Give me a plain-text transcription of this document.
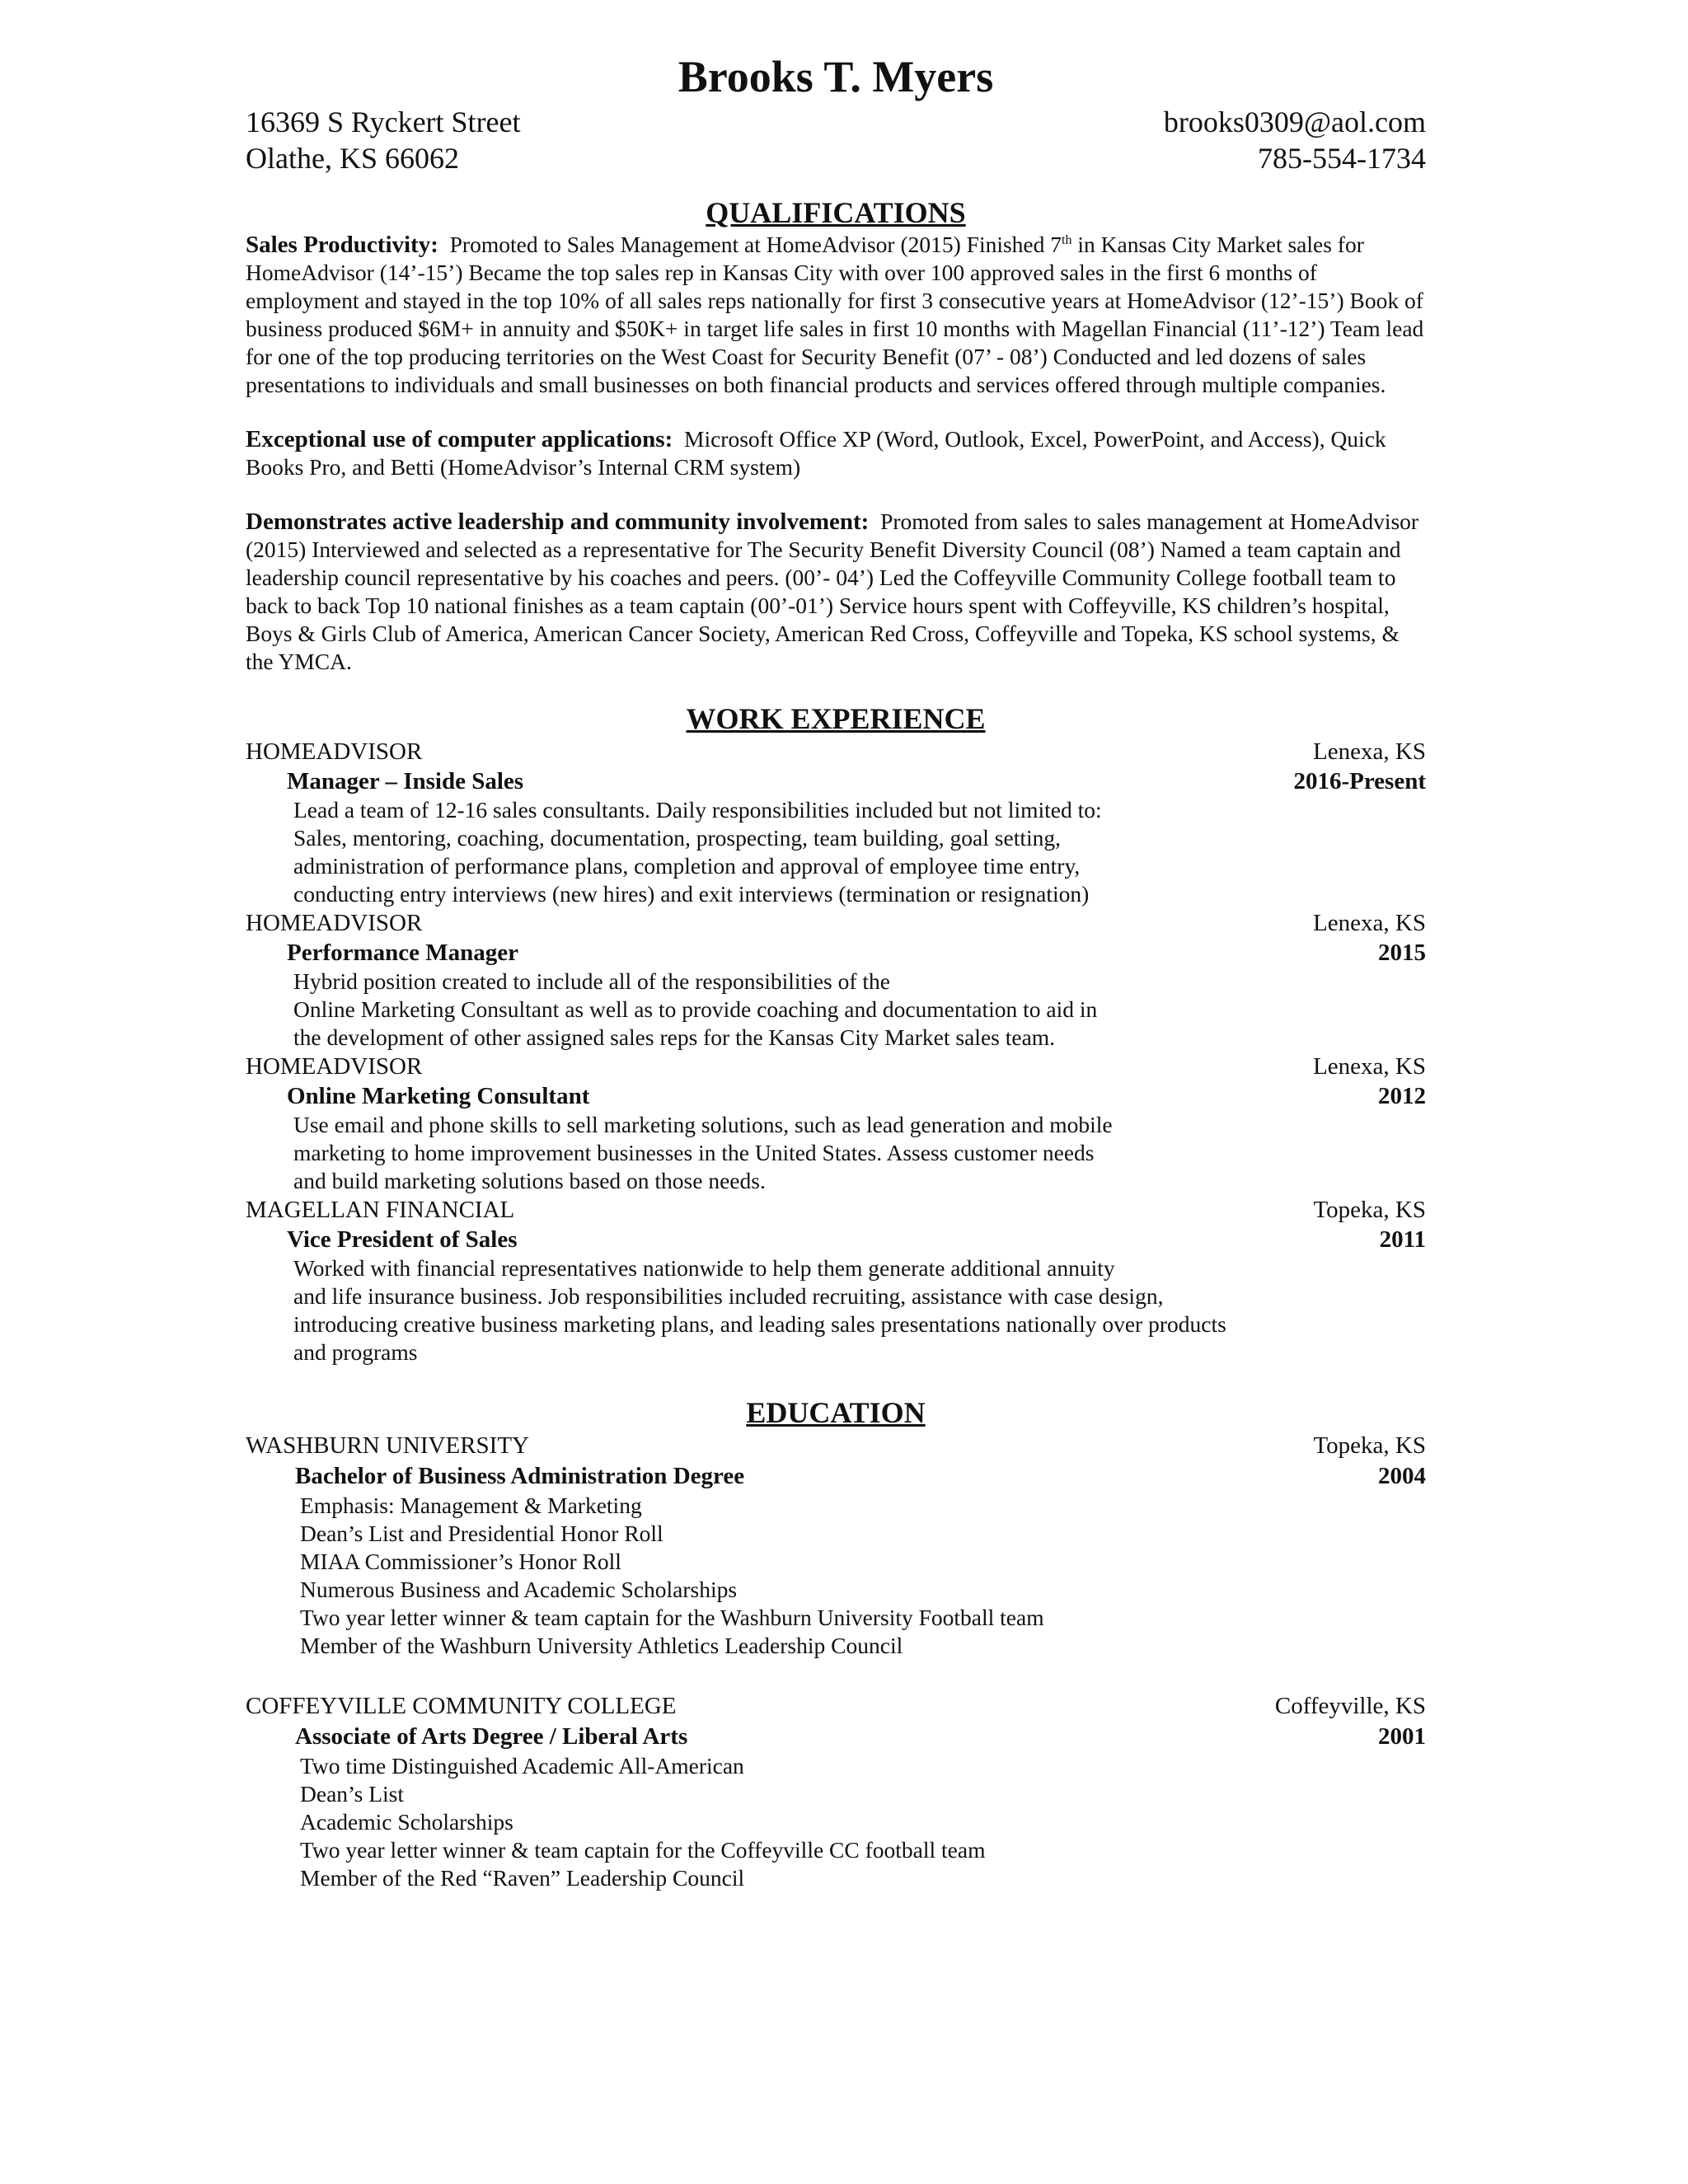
Brooks T. Myers
16369 S Ryckert Street	brooks0309@aol.com
Olathe, KS 66062	785-554-1734
QUALIFICATIONS

Sales Productivity: Promoted to Sales Management at HomeAdvisor (2015) Finished 7th in Kansas City Market sales for HomeAdvisor (14’-15’) Became the top sales rep in Kansas City with over 100 approved sales in the first 6 months of employment and stayed in the top 10% of all sales reps nationally for first 3 consecutive years at HomeAdvisor (12’-15’) Book of business produced $6M+ in annuity and $50K+ in target life sales in first 10 months with Magellan Financial (11’-12’) Team lead for one of the top producing territories on the West Coast for Security Benefit (07’ - 08’) Conducted and led dozens of sales presentations to individuals and small businesses on both financial products and services offered through multiple companies.

Exceptional use of computer applications: Microsoft Office XP (Word, Outlook, Excel, PowerPoint, and Access), Quick Books Pro, and Betti (HomeAdvisor’s Internal CRM system)

Demonstrates active leadership and community involvement: Promoted from sales to sales management at HomeAdvisor (2015) Interviewed and selected as a representative for The Security Benefit Diversity Council (08’) Named a team captain and leadership council representative by his coaches and peers. (00’- 04’) Led the Coffeyville Community College football team to back to back Top 10 national finishes as a team captain (00’-01’) Service hours spent with Coffeyville, KS children’s hospital, Boys & Girls Club of America, American Cancer Society, American Red Cross, Coffeyville and Topeka, KS school systems, & the YMCA.

WORK EXPERIENCE
HOMEADVISOR	Lenexa, KS
Manager – Inside Sales	2016-Present

Lead a team of 12-16 sales consultants. Daily responsibilities included but not limited to:

Sales, mentoring, coaching, documentation, prospecting, team building, goal setting,

administration of performance plans, completion and approval of employee time entry,

conducting entry interviews (new hires) and exit interviews (termination or resignation)

HOMEADVISOR	Lenexa, KS
Performance Manager	2015

Hybrid position created to include all of the responsibilities of the

Online Marketing Consultant as well as to provide coaching and documentation to aid in

the development of other assigned sales reps for the Kansas City Market sales team.

HOMEADVISOR	Lenexa, KS
Online Marketing Consultant	2012

Use email and phone skills to sell marketing solutions, such as lead generation and mobile

marketing to home improvement businesses in the United States. Assess customer needs

and build marketing solutions based on those needs.

MAGELLAN FINANCIAL	Topeka, KS
Vice President of Sales	2011

Worked with financial representatives nationwide to help them generate additional annuity

and life insurance business. Job responsibilities included recruiting, assistance with case design,

introducing creative business marketing plans, and leading sales presentations nationally over products

and programs

EDUCATION
WASHBURN UNIVERSITY	Topeka, KS
Bachelor of Business Administration Degree	2004
Emphasis: Management & Marketing
Dean’s List and Presidential Honor Roll
MIAA Commissioner’s Honor Roll
Numerous Business and Academic Scholarships
Two year letter winner & team captain for the Washburn University Football team
Member of the Washburn University Athletics Leadership Council
COFFEYVILLE COMMUNITY COLLEGE	Coffeyville, KS
Associate of Arts Degree / Liberal Arts	2001
Two time Distinguished Academic All-American
Dean’s List
Academic Scholarships
Two year letter winner & team captain for the Coffeyville CC football team
Member of the Red “Raven” Leadership Council
